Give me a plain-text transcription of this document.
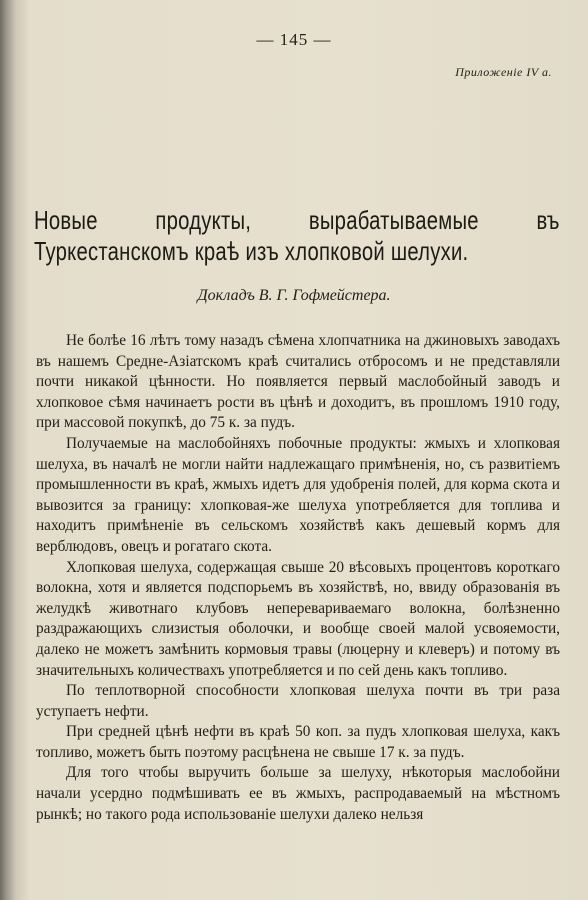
— 145 —
Приложенie IV a.
Новые продукты, вырабатываемые въ Туркестанскомъ краѣ изъ хлопковой шелухи.
Докладъ В. Г. Гофмейстера.

Не болѣе 16 лѣтъ тому назадъ сѣмена хлопчатника на джиновыхъ заводахъ въ нашемъ Средне-Азіатскомъ краѣ считались отбросомъ и не представляли почти никакой цѣнности. Но появляется первый маслобойный заводъ и хлопковое сѣмя начинаетъ рости въ цѣнѣ и доходитъ, въ прошломъ 1910 году, при массовой покупкѣ, до 75 к. за пудъ.

Получаемые на маслобойняхъ побочные продукты: жмыхъ и хлопковая шелуха, въ началѣ не могли найти надлежащаго примѣненія, но, съ развитіемъ промышленности въ краѣ, жмыхъ идетъ для удобренія полей, для корма скота и вывозится за границу: хлопковая-же шелуха употребляется для топлива и находитъ примѣненіе въ сельскомъ хозяйствѣ какъ дешевый кормъ для верблюдовъ, овецъ и рогатаго скота.

Хлопковая шелуха, содержащая свыше 20 вѣсовыхъ процентовъ короткаго волокна, хотя и является подспорьемъ въ хозяйствѣ, но, ввиду образованія въ желудкѣ животнаго клубовъ неперевариваемаго волокна, болѣзненно раздражающихъ слизистыя оболочки, и вообще своей малой усвояемости, далеко не можетъ замѣнить кормовыя травы (люцерну и клеверъ) и потому въ значительныхъ количествахъ употребляется и по сей день какъ топливо.

По теплотворной способности хлопковая шелуха почти въ три раза уступаетъ нефти.

При средней цѣнѣ нефти въ краѣ 50 коп. за пудъ хлопковая шелуха, какъ топливо, можетъ быть поэтому расцѣнена не свыше 17 к. за пудъ.

Для того чтобы выручить больше за шелуху, нѣкоторыя маслобойни начали усердно подмѣшивать ее въ жмыхъ, распродаваемый на мѣстномъ рынкѣ; но такого рода использованіе шелухи далеко нельзя
